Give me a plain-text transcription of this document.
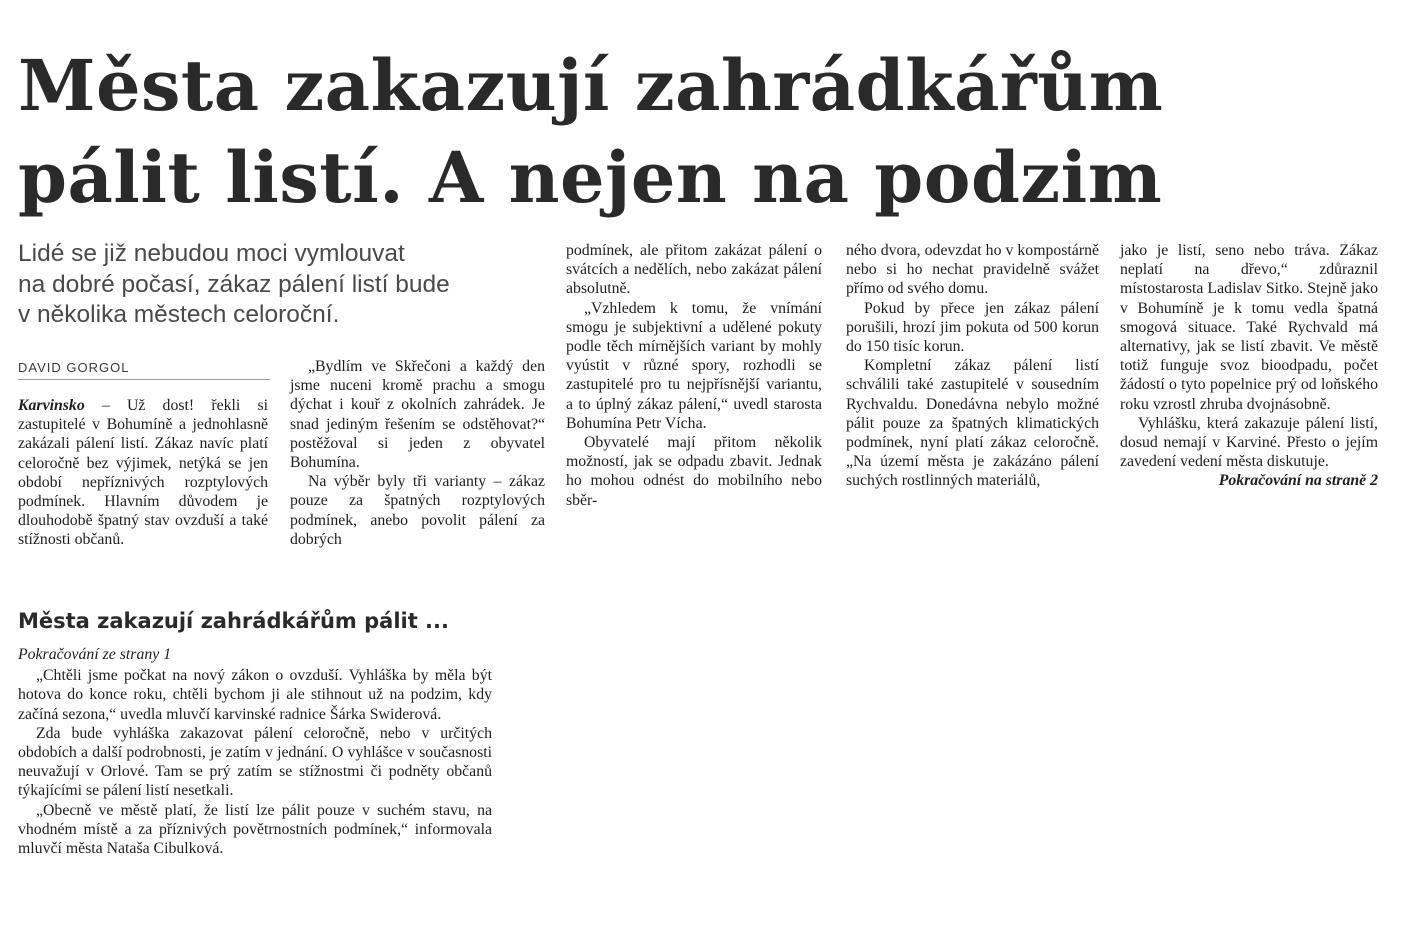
Města zakazují zahrádkářům
pálit listí. A nejen na podzim
Lidé se již nebudou moci vymlouvat
na dobré počasí, zákaz pálení listí bude
v několika městech celoroční.
DAVID GORGOL

Karvinsko – Už dost! řekli si zastupitelé v Bohumíně a jednohlasně zakázali pálení listí. Zákaz navíc platí celoročně bez výjimek, netýká se jen období nepříznivých rozptylových podmínek. Hlavním důvodem je dlouhodobě špatný stav ovzduší a také stížnosti občanů.

„Bydlím ve Skřečoni a každý den jsme nuceni kromě prachu a smogu dýchat i kouř z okolních zahrádek. Je snad jediným řešením se odstěhovat?“ postěžoval si jeden z obyvatel Bohumína.

Na výběr byly tři varianty – zákaz pouze za špatných rozptylových podmínek, anebo povolit pálení za dobrých

podmínek, ale přitom zakázat pálení o svátcích a nedělích, nebo zakázat pálení absolutně.

„Vzhledem k tomu, že vnímání smogu je subjektivní a udělené pokuty podle těch mírnějších variant by mohly vyústit v různé spory, rozhodli se zastupitelé pro tu nejpřísnější variantu, a to úplný zákaz pálení,“ uvedl starosta Bohumína Petr Vícha.

Obyvatelé mají přitom několik možností, jak se odpadu zbavit. Jednak ho mohou odnést do mobilního nebo sběr-

ného dvora, odevzdat ho v kompostárně nebo si ho nechat pravidelně svážet přímo od svého domu.

Pokud by přece jen zákaz pálení porušili, hrozí jim pokuta od 500 korun do 150 tisíc korun.

Kompletní zákaz pálení listí schválili také zastupitelé v sousedním Rychvaldu. Donedávna nebylo možné pálit pouze za špatných klimatických podmínek, nyní platí zákaz celoročně. „Na území města je zakázáno pálení suchých rostlinných materiálů,

jako je listí, seno nebo tráva. Zákaz neplatí na dřevo,“ zdůraznil místostarosta Ladislav Sitko. Stejně jako v Bohumíně je k tomu vedla špatná smogová situace. Také Rychvald má alternativy, jak se listí zbavit. Ve městě totiž funguje svoz bioodpadu, počet žádostí o tyto popelnice prý od loňského roku vzrostl zhruba dvojnásobně.

Vyhlášku, která zakazuje pálení listí, dosud nemají v Karviné. Přesto o jejím zavedení vedení města diskutuje.

Pokračování na straně 2

Města zakazují zahrádkářům pálit ...

Pokračování ze strany 1

„Chtěli jsme počkat na nový zákon o ovzduší. Vyhláška by měla být hotova do konce roku, chtěli bychom ji ale stihnout už na podzim, kdy začíná sezona,“ uvedla mluvčí karvinské radnice Šárka Swiderová.

Zda bude vyhláška zakazovat pálení celoročně, nebo v určitých obdobích a další podrobnosti, je zatím v jednání. O vyhlášce v současnosti neuvažují v Orlové. Tam se prý zatím se stížnostmi či podněty občanů týkajícími se pálení listí nesetkali.

„Obecně ve městě platí, že listí lze pálit pouze v suchém stavu, na vhodném místě a za příznivých povětrnostních podmínek,“ informovala mluvčí města Nataša Cibulková.
